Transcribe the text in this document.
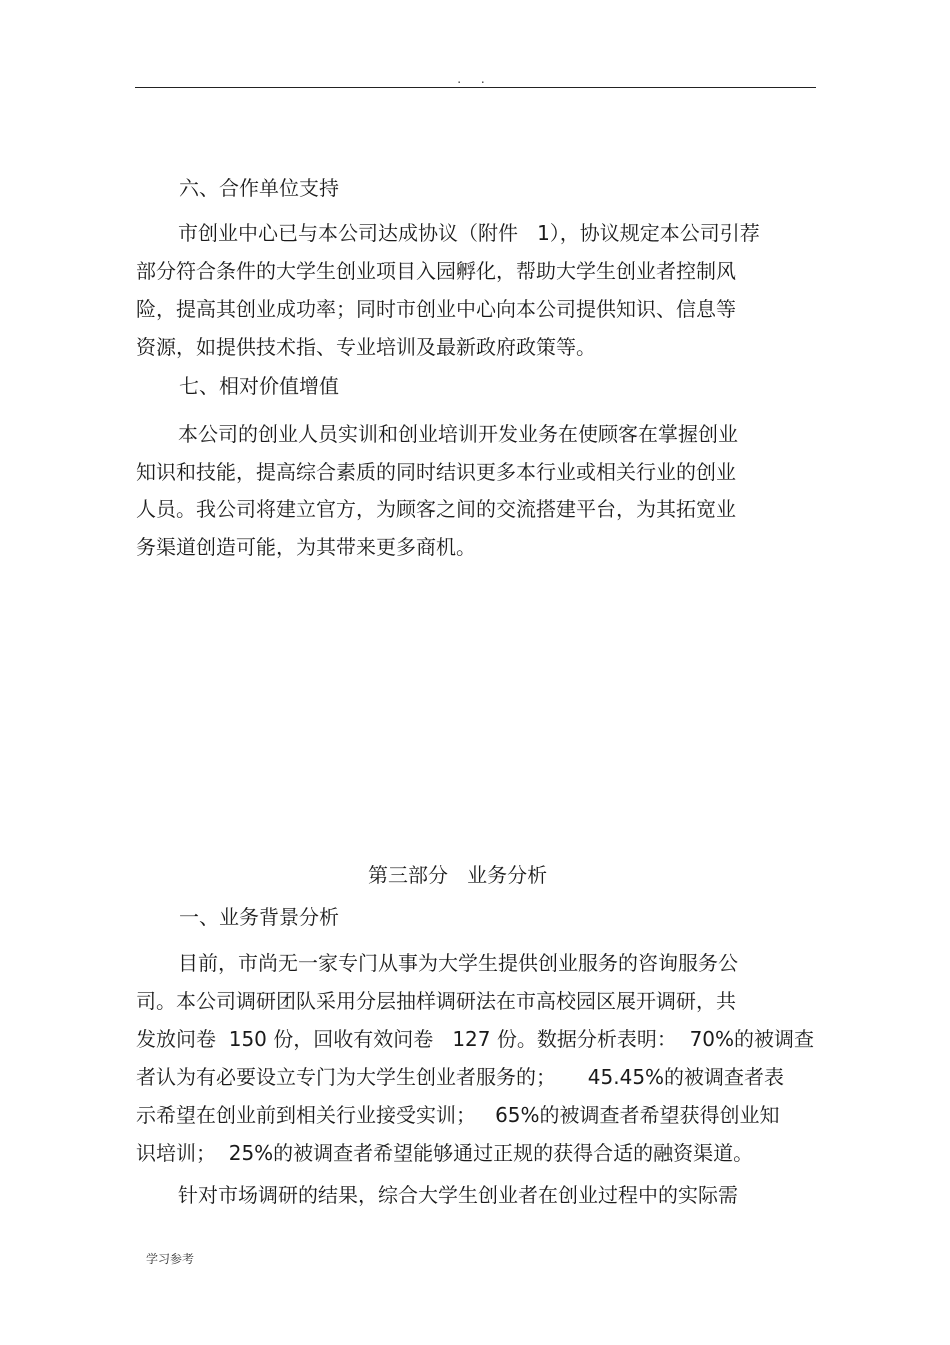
. .
六、合作单位支持
市创业中心已与本公司达成协议（附件   1），协议规定本公司引荐
部分符合条件的大学生创业项目入园孵化，帮助大学生创业者控制风
险，提高其创业成功率；同时市创业中心向本公司提供知识、信息等
资源，如提供技术指、专业培训及最新政府政策等。
七、相对价值增值
本公司的创业人员实训和创业培训开发业务在使顾客在掌握创业
知识和技能，提高综合素质的同时结识更多本行业或相关行业的创业
人员。我公司将建立官方，为顾客之间的交流搭建平台，为其拓宽业
务渠道创造可能，为其带来更多商机。
第三部分   业务分析
一、业务背景分析
目前，市尚无一家专门从事为大学生提供创业服务的咨询服务公
司。本公司调研团队采用分层抽样调研法在市高校园区展开调研，共
发放问卷  150 份，回收有效问卷   127 份。数据分析表明：  70%的被调查
者认为有必要设立专门为大学生创业者服务的；     45.45%的被调查者表
示希望在创业前到相关行业接受实训；   65%的被调查者希望获得创业知
识培训；  25%的被调查者希望能够通过正规的获得合适的融资渠道。
针对市场调研的结果，综合大学生创业者在创业过程中的实际需
学习参考
